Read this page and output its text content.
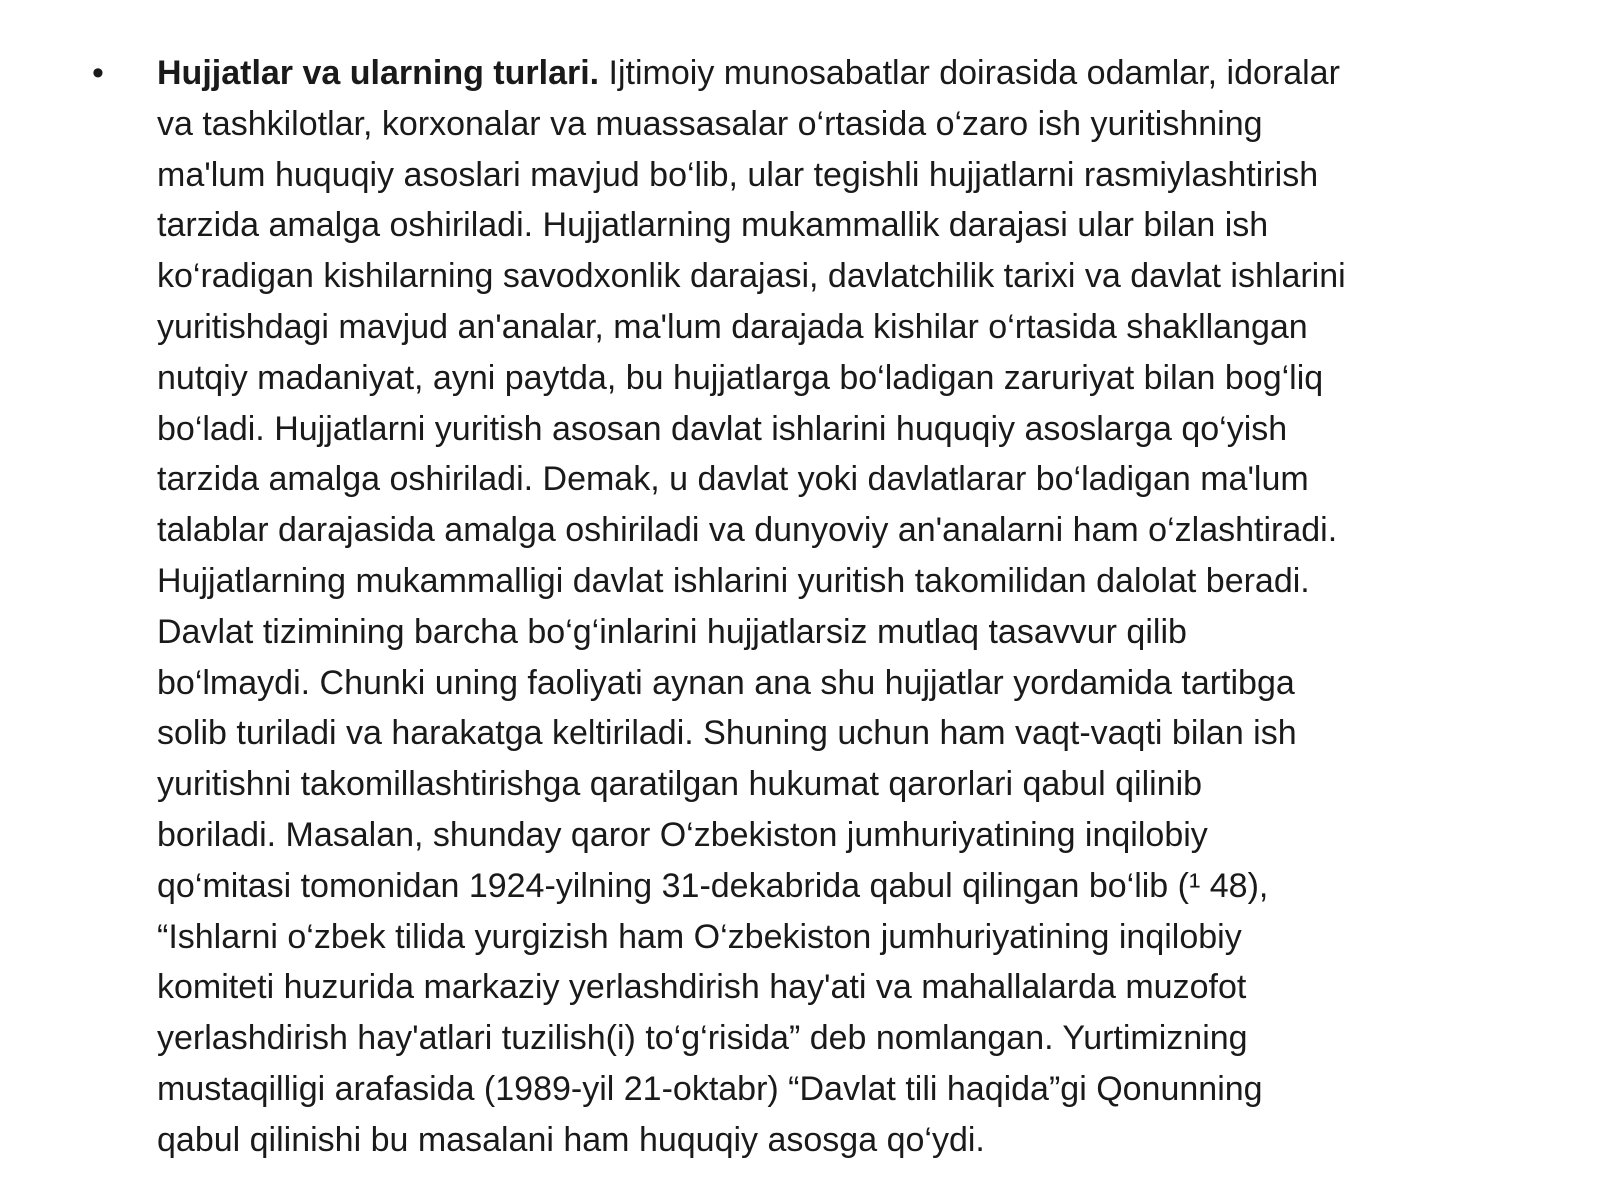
• Hujjatlar va ularning turlari. Ijtimoiy munosabatlar doirasida odamlar, idoralar
va tashkilotlar, korxonalar va muassasalar o‘rtasida o‘zaro ish yuritishning
ma'lum huquqiy asoslari mavjud bo‘lib, ular tegishli hujjatlarni rasmiylashtirish
tarzida amalga oshiriladi. Hujjatlarning mukammallik darajasi ular bilan ish
ko‘radigan kishilarning savodxonlik darajasi, davlatchilik tarixi va davlat ishlarini
yuritishdagi mavjud an'analar, ma'lum darajada kishilar o‘rtasida shakllangan
nutqiy madaniyat, ayni paytda, bu hujjatlarga bo‘ladigan zaruriyat bilan bog‘liq
bo‘ladi. Hujjatlarni yuritish asosan davlat ishlarini huquqiy asoslarga qo‘yish
tarzida amalga oshiriladi. Demak, u davlat yoki davlatlarar bo‘ladigan ma'lum
talablar darajasida amalga oshiriladi va dunyoviy an'analarni ham o‘zlashtiradi.
Hujjatlarning mukammalligi davlat ishlarini yuritish takomilidan dalolat beradi.
Davlat tizimining barcha bo‘g‘inlarini hujjatlarsiz mutlaq tasavvur qilib
bo‘lmaydi. Chunki uning faoliyati aynan ana shu hujjatlar yordamida tartibga
solib turiladi va harakatga keltiriladi. Shuning uchun ham vaqt-vaqti bilan ish
yuritishni takomillashtirishga qaratilgan hukumat qarorlari qabul qilinib
boriladi. Masalan, shunday qaror O‘zbekiston jumhuriyatining inqilobiy
qo‘mitasi tomonidan 1924-yilning 31-dekabrida qabul qilingan bo‘lib (¹ 48),
“Ishlarni o‘zbek tilida yurgizish ham O‘zbekiston jumhuriyatining inqilobiy
komiteti huzurida markaziy yerlashdirish hay'ati va mahallalarda muzofot
yerlashdirish hay'atlari tuzilish(i) to‘g‘risida” deb nomlangan. Yurtimizning
mustaqilligi arafasida (1989-yil 21-oktabr) “Davlat tili haqida”gi Qonunning
qabul qilinishi bu masalani ham huquqiy asosga qo‘ydi.
